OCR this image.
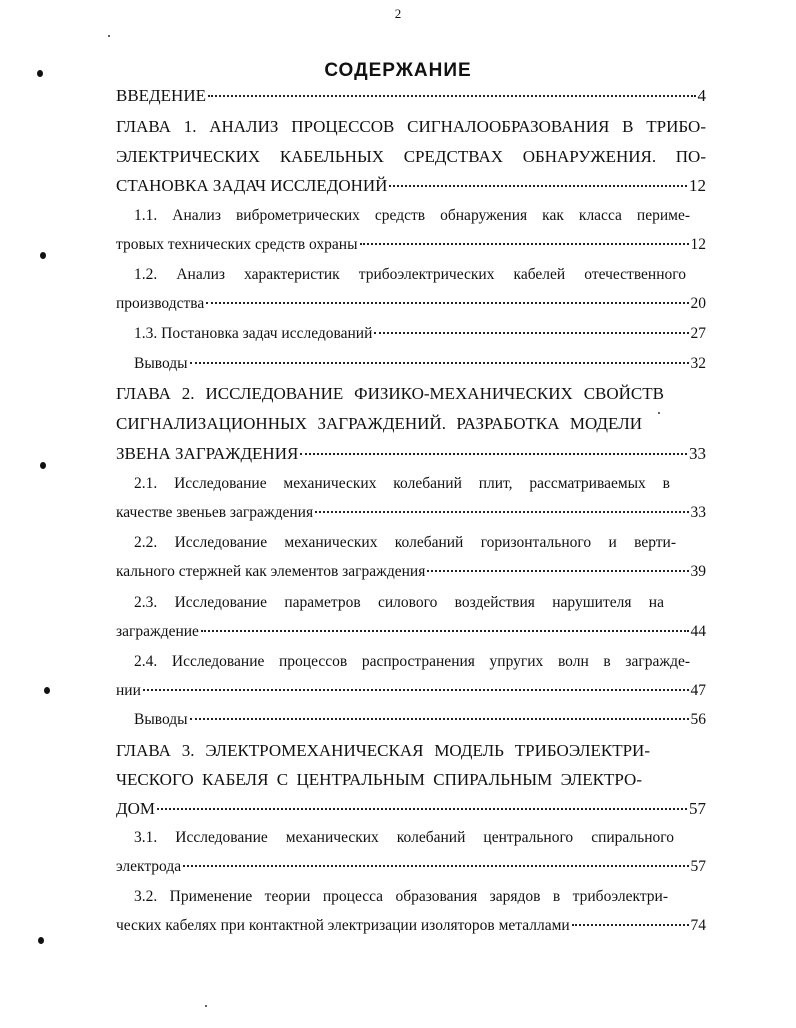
2
СОДЕРЖАНИЕ
ВВЕДЕНИЕ	4
ГЛАВА 1. АНАЛИЗ ПРОЦЕССОВ СИГНАЛООБРАЗОВАНИЯ В ТРИБО-
ЭЛЕКТРИЧЕСКИХ КАБЕЛЬНЫХ СРЕДСТВАХ ОБНАРУЖЕНИЯ. ПО-
СТАНОВКА ЗАДАЧ ИССЛЕДОНИЙ	12
1.1. Анализ виброметрических средств обнаружения как класса периме-
тровых технических средств охраны	12
1.2. Анализ характеристик трибоэлектрических кабелей отечественного
производства	20
1.3. Постановка задач исследований	27
Выводы	32
ГЛАВА 2. ИССЛЕДОВАНИЕ ФИЗИКО-МЕХАНИЧЕСКИХ СВОЙСТВ
СИГНАЛИЗАЦИОННЫХ ЗАГРАЖДЕНИЙ. РАЗРАБОТКА МОДЕЛИ
ЗВЕНА ЗАГРАЖДЕНИЯ	33
2.1. Исследование механических колебаний плит, рассматриваемых в
качестве звеньев заграждения	33
2.2. Исследование механических колебаний горизонтального и верти-
кального стержней как элементов заграждения	39
2.3. Исследование параметров силового воздействия нарушителя на
заграждение	44
2.4. Исследование процессов распространения упругих волн в загражде-
нии	47
Выводы	56
ГЛАВА 3. ЭЛЕКТРОМЕХАНИЧЕСКАЯ МОДЕЛЬ ТРИБОЭЛЕКТРИ-
ЧЕСКОГО КАБЕЛЯ С ЦЕНТРАЛЬНЫМ СПИРАЛЬНЫМ ЭЛЕКТРО-
ДОМ	57
3.1. Исследование механических колебаний центрального спирального
электрода	57
3.2. Применение теории процесса образования зарядов в трибоэлектри-
ческих кабелях при контактной электризации изоляторов металлами	74
